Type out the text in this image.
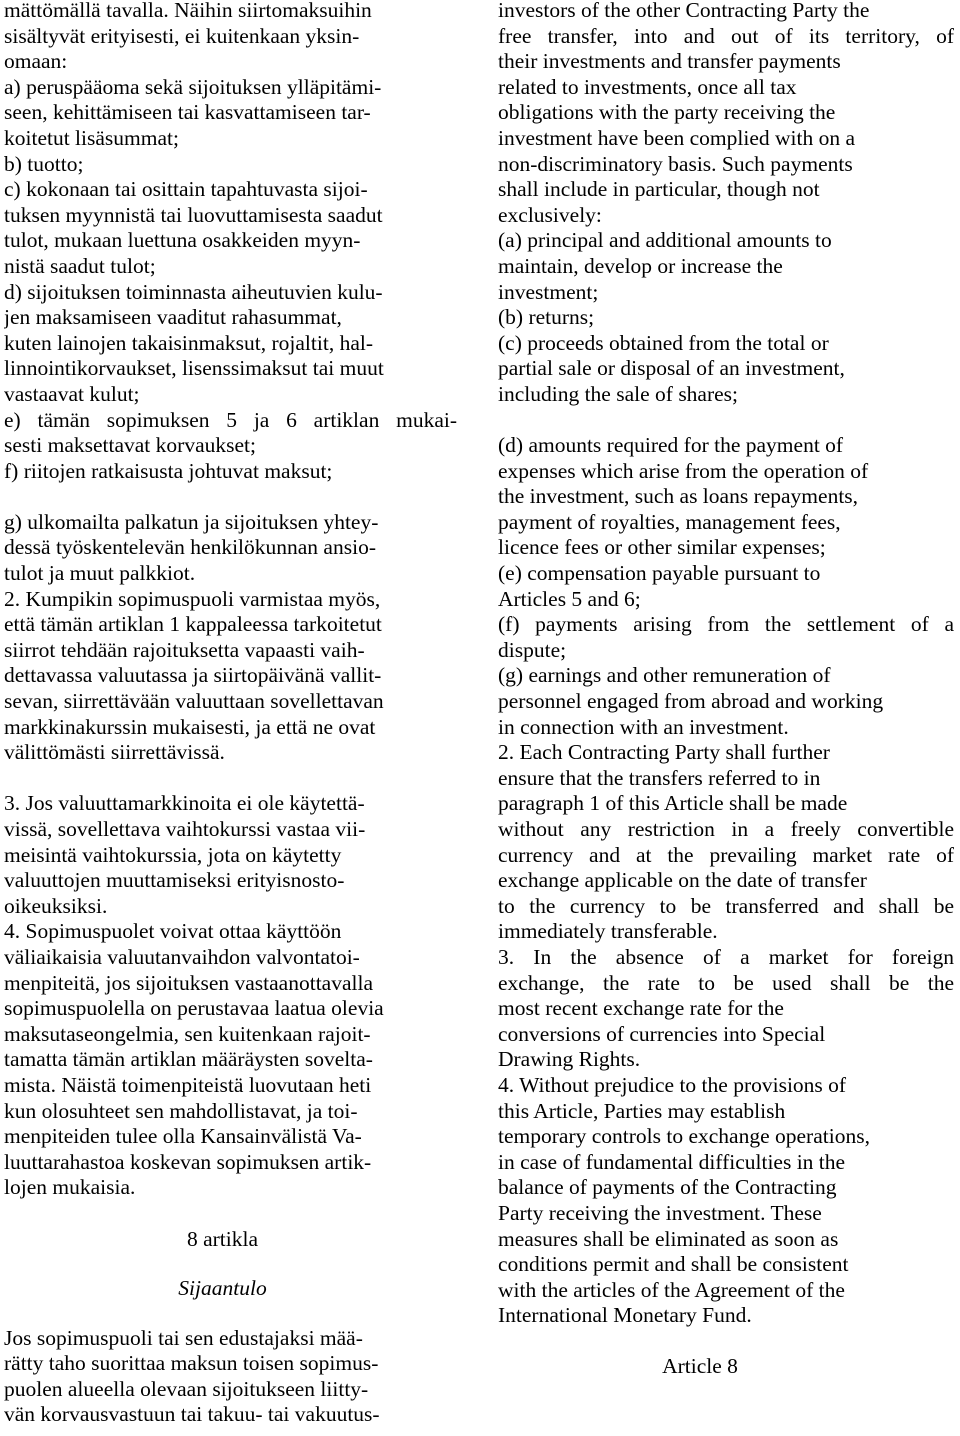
mättömällä tavalla. Näihin siirtomaksuihin
sisältyvät erityisesti, ei kuitenkaan yksin-
omaan:
a) peruspääoma sekä sijoituksen ylläpitämi-
seen, kehittämiseen tai kasvattamiseen tar-
koitetut lisäsummat;
b) tuotto;
c) kokonaan tai osittain tapahtuvasta sijoi-
tuksen myynnistä tai luovuttamisesta saadut
tulot, mukaan luettuna osakkeiden myyn-
nistä saadut tulot;
d) sijoituksen toiminnasta aiheutuvien kulu-
jen maksamiseen vaaditut rahasummat,
kuten lainojen takaisinmaksut, rojaltit, hal-
linnointikorvaukset, lisenssimaksut tai muut
vastaavat kulut;
e) tämän sopimuksen 5 ja 6 artiklan mukai-
sesti maksettavat korvaukset;
f) riitojen ratkaisusta johtuvat maksut;
g) ulkomailta palkatun ja sijoituksen yhtey-
dessä työskentelevän henkilökunnan ansio-
tulot ja muut palkkiot.
2. Kumpikin sopimuspuoli varmistaa myös,
että tämän artiklan 1 kappaleessa tarkoitetut
siirrot tehdään rajoituksetta vapaasti vaih-
dettavassa valuutassa ja siirtopäivänä vallit-
sevan, siirrettävään valuuttaan sovellettavan
markkinakurssin mukaisesti, ja että ne ovat
välittömästi siirrettävissä.
3. Jos valuuttamarkkinoita ei ole käytettä-
vissä, sovellettava vaihtokurssi vastaa vii-
meisintä vaihtokurssia, jota on käytetty
valuuttojen muuttamiseksi erityisnosto-
oikeuksiksi.
4. Sopimuspuolet voivat ottaa käyttöön
väliaikaisia valuutanvaihdon valvontatoi-
menpiteitä, jos sijoituksen vastaanottavalla
sopimuspuolella on perustavaa laatua olevia
maksutaseongelmia, sen kuitenkaan rajoit-
tamatta tämän artiklan määräysten sovelta-
mista. Näistä toimenpiteistä luovutaan heti
kun olosuhteet sen mahdollistavat, ja toi-
menpiteiden tulee olla Kansainvälistä Va-
luuttarahastoa koskevan sopimuksen artik-
lojen mukaisia.
8 artikla
Sijaantulo
Jos sopimuspuoli tai sen edustajaksi mää-
rätty taho suorittaa maksun toisen sopimus-
puolen alueella olevaan sijoitukseen liitty-
vän korvausvastuun tai takuu- tai vakuutus-
investors of the other Contracting Party the
free transfer, into and out of its territory, of
their investments and transfer payments
related to investments, once all tax
obligations with the party receiving the
investment have been complied with on a
non-discriminatory basis. Such payments
shall include in particular, though not
exclusively:
(a) principal and additional amounts to
maintain, develop or increase the
investment;
(b) returns;
(c) proceeds obtained from the total or
partial sale or disposal of an investment,
including the sale of shares;
(d) amounts required for the payment of
expenses which arise from the operation of
the investment, such as loans repayments,
payment of royalties, management fees,
licence fees or other similar expenses;
(e) compensation payable pursuant to
Articles 5 and 6;
(f) payments arising from the settlement of a
dispute;
(g) earnings and other remuneration of
personnel engaged from abroad and working
in connection with an investment.
2. Each Contracting Party shall further
ensure that the transfers referred to in
paragraph 1 of this Article shall be made
without any restriction in a freely convertible
currency and at the prevailing market rate of
exchange applicable on the date of transfer
to the currency to be transferred and shall be
immediately transferable.
3. In the absence of a market for foreign
exchange, the rate to be used shall be the
most recent exchange rate for the
conversions of currencies into Special
Drawing Rights.
4. Without prejudice to the provisions of
this Article, Parties may establish
temporary controls to exchange operations,
in case of fundamental difficulties in the
balance of payments of the Contracting
Party receiving the investment. These
measures shall be eliminated as soon as
conditions permit and shall be consistent
with the articles of the Agreement of the
International Monetary Fund.
Article 8
